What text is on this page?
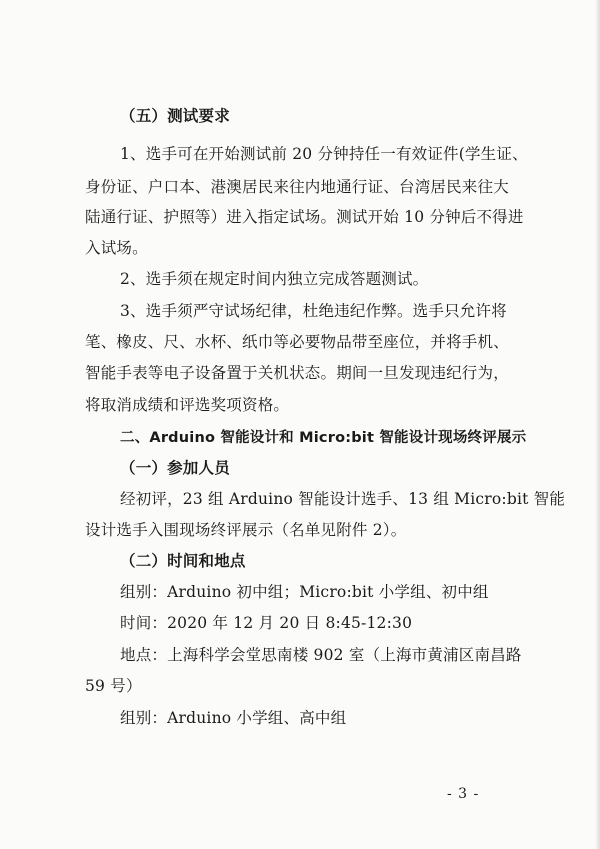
（五）测试要求
1、选手可在开始测试前 20 分钟持任一有效证件(学生证、
身份证、户口本、港澳居民来往内地通行证、台湾居民来往大
陆通行证、护照等）进入指定试场。测试开始 10 分钟后不得进
入试场。
2、选手须在规定时间内独立完成答题测试。
3、选手须严守试场纪律，杜绝违纪作弊。选手只允许将
笔、橡皮、尺、水杯、纸巾等必要物品带至座位，并将手机、
智能手表等电子设备置于关机状态。期间一旦发现违纪行为，
将取消成绩和评选奖项资格。
二、Arduino 智能设计和 Micro:bit 智能设计现场终评展示
（一）参加人员
经初评，23 组 Arduino 智能设计选手、13 组 Micro:bit 智能
设计选手入围现场终评展示（名单见附件 2）。
（二）时间和地点
组别：Arduino 初中组；Micro:bit 小学组、初中组
时间：2020 年 12 月 20 日 8:45-12:30
地点：上海科学会堂思南楼 902 室（上海市黄浦区南昌路
59 号）
组别：Arduino 小学组、高中组
- 3 -
